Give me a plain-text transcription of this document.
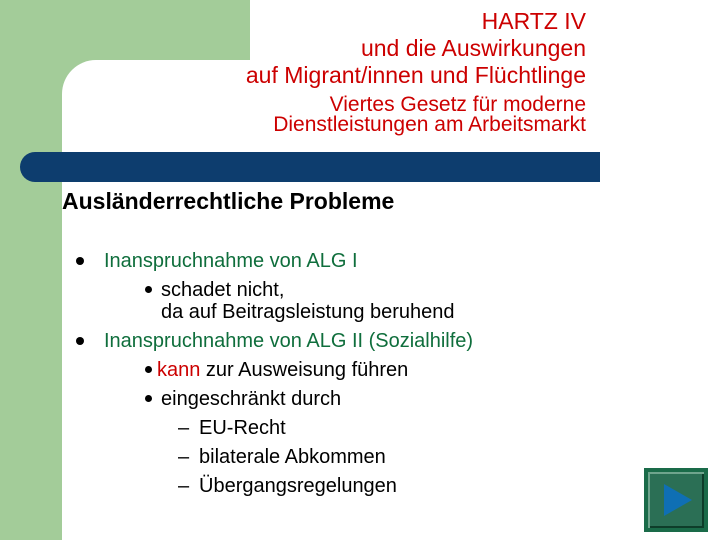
HARTZ IV
und die Auswirkungen
auf Migrant/innen und Flüchtlinge
Viertes Gesetz für moderne
Dienstleistungen am Arbeitsmarkt
Ausländerrechtliche Probleme
Inanspruchnahme von ALG I
schadet nicht,
da auf Beitragsleistung beruhend
Inanspruchnahme von ALG II (Sozialhilfe)
kann zur Ausweisung führen
eingeschränkt durch
– EU-Recht
– bilaterale Abkommen
– Übergangsregelungen
